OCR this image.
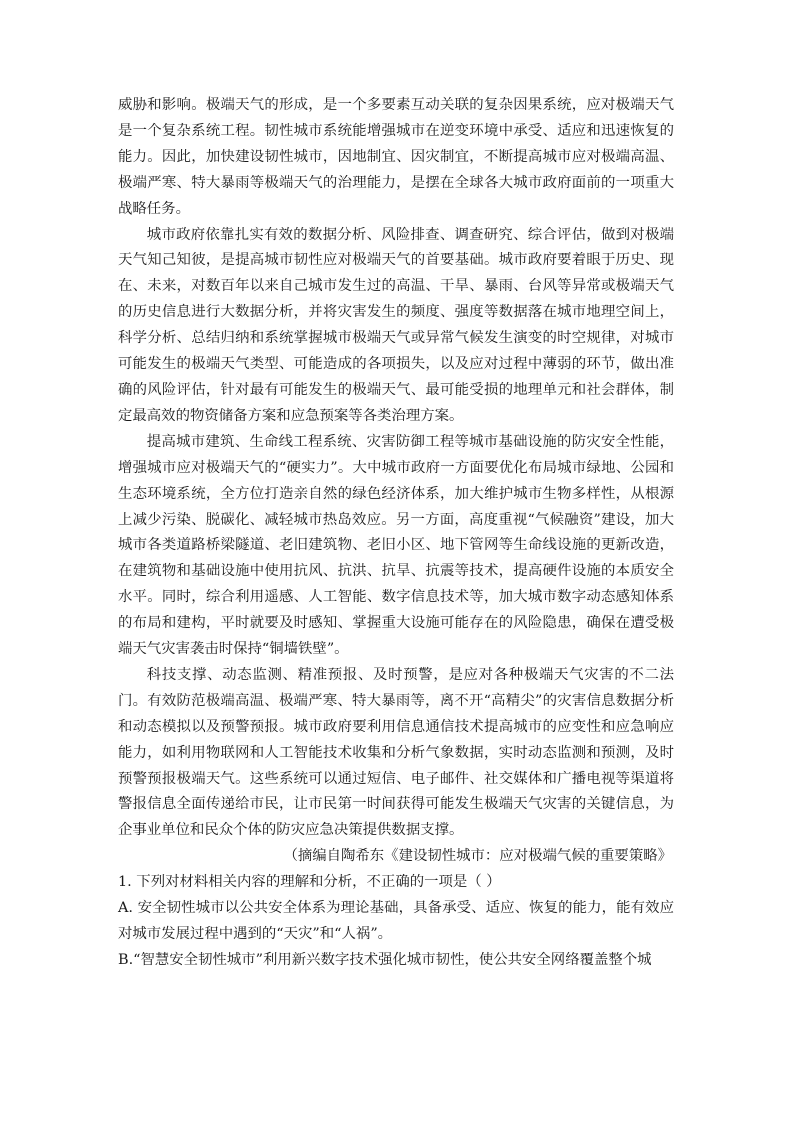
威胁和影响。极端天气的形成，是一个多要素互动关联的复杂因果系统，应对极端天气是一个复杂系统工程。韧性城市系统能增强城市在逆变环境中承受、适应和迅速恢复的能力。因此，加快建设韧性城市，因地制宜、因灾制宜，不断提高城市应对极端高温、极端严寒、特大暴雨等极端天气的治理能力，是摆在全球各大城市政府面前的一项重大战略任务。

城市政府依靠扎实有效的数据分析、风险排查、调查研究、综合评估，做到对极端天气知己知彼，是提高城市韧性应对极端天气的首要基础。城市政府要着眼于历史、现在、未来，对数百年以来自己城市发生过的高温、干旱、暴雨、台风等异常或极端天气的历史信息进行大数据分析，并将灾害发生的频度、强度等数据落在城市地理空间上，科学分析、总结归纳和系统掌握城市极端天气或异常气候发生演变的时空规律，对城市可能发生的极端天气类型、可能造成的各项损失，以及应对过程中薄弱的环节，做出准确的风险评估，针对最有可能发生的极端天气、最可能受损的地理单元和社会群体，制定最高效的物资储备方案和应急预案等各类治理方案。

提高城市建筑、生命线工程系统、灾害防御工程等城市基础设施的防灾安全性能，增强城市应对极端天气的“硬实力”。大中城市政府一方面要优化布局城市绿地、公园和生态环境系统，全方位打造亲自然的绿色经济体系，加大维护城市生物多样性，从根源上减少污染、脱碳化、减轻城市热岛效应。另一方面，高度重视“气候融资”建设，加大城市各类道路桥梁隧道、老旧建筑物、老旧小区、地下管网等生命线设施的更新改造，在建筑物和基础设施中使用抗风、抗洪、抗旱、抗震等技术，提高硬件设施的本质安全水平。同时，综合利用遥感、人工智能、数字信息技术等，加大城市数字动态感知体系的布局和建构，平时就要及时感知、掌握重大设施可能存在的风险隐患，确保在遭受极端天气灾害袭击时保持“铜墙铁壁”。

科技支撑、动态监测、精准预报、及时预警，是应对各种极端天气灾害的不二法门。有效防范极端高温、极端严寒、特大暴雨等，离不开“高精尖”的灾害信息数据分析和动态模拟以及预警预报。城市政府要利用信息通信技术提高城市的应变性和应急响应能力，如利用物联网和人工智能技术收集和分析气象数据，实时动态监测和预测，及时预警预报极端天气。这些系统可以通过短信、电子邮件、社交媒体和广播电视等渠道将警报信息全面传递给市民，让市民第一时间获得可能发生极端天气灾害的关键信息，为企事业单位和民众个体的防灾应急决策提供数据支撑。

（摘编自陶希东《建设韧性城市：应对极端气候的重要策略》

1. 下列对材料相关内容的理解和分析，不正确的一项是（ ）

A. 安全韧性城市以公共安全体系为理论基础，具备承受、适应、恢复的能力，能有效应对城市发展过程中遇到的“天灾”和“人祸”。

B.“智慧安全韧性城市”利用新兴数字技术强化城市韧性，使公共安全网络覆盖整个城
